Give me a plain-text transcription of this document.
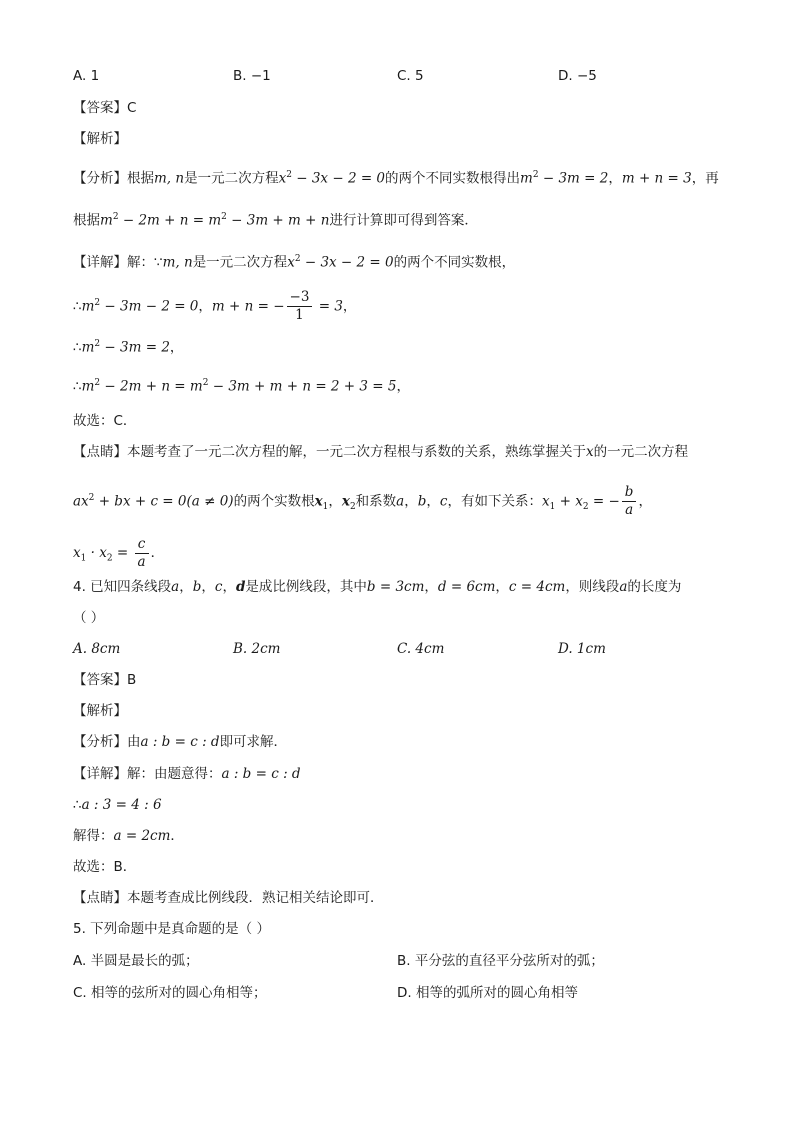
A. 1	B. −1	C. 5	D. −5
【答案】C
【解析】
【分析】根据m, n是一元二次方程$x^2 - 3x - 2 = 0$的两个不同实数根得出$m^2 - 3m = 2$，m + n = 3，再
根据$m^2 - 2m + n = m^2 - 3m + m + n$进行计算即可得到答案．
【详解】解：∵m, n是一元二次方程$x^2 - 3x - 2 = 0$的两个不同实数根，
$\therefore m^2 - 3m - 2 = 0$，m + n = − $\frac{-3}{1} = 3$，
$\therefore m^2 - 3m = 2$，
$\therefore m^2 - 2m + n = m^2 - 3m + m + n = 2 + 3 = 5$，
故选：C．
【点睛】本题考查了一元二次方程的解，一元二次方程根与系数的关系，熟练掌握关于x的一元二次方程
$ax^2$ + bx + c = 0(a ≠ 0)的两个实数根$x_1$，$x_2$和系数a，b，c，有如下关系：$x_1 + x_2$ = − $\frac{b}{a}$ ，
$x_1 \cdot x_2 = \frac{c}{a}$ ．
4. 已知四条线段a，b，c，d是成比例线段，其中b = 3cm，d = 6cm，c = 4cm，则线段a的长度为
（ ）
A. 8cm	B. 2cm	C. 4cm	D. 1cm
【答案】B
【解析】
【分析】由a : b = c : d即可求解．
【详解】解：由题意得：a : b = c : d
∴a : 3 = 4 : 6
解得：a = 2cm．
故选：B．
【点睛】本题考查成比例线段．熟记相关结论即可．
5. 下列命题中是真命题的是（ ）
A. 半圆是最长的弧；	B. 平分弦的直径平分弦所对的弧；
C. 相等的弦所对的圆心角相等；	D. 相等的弧所对的圆心角相等
